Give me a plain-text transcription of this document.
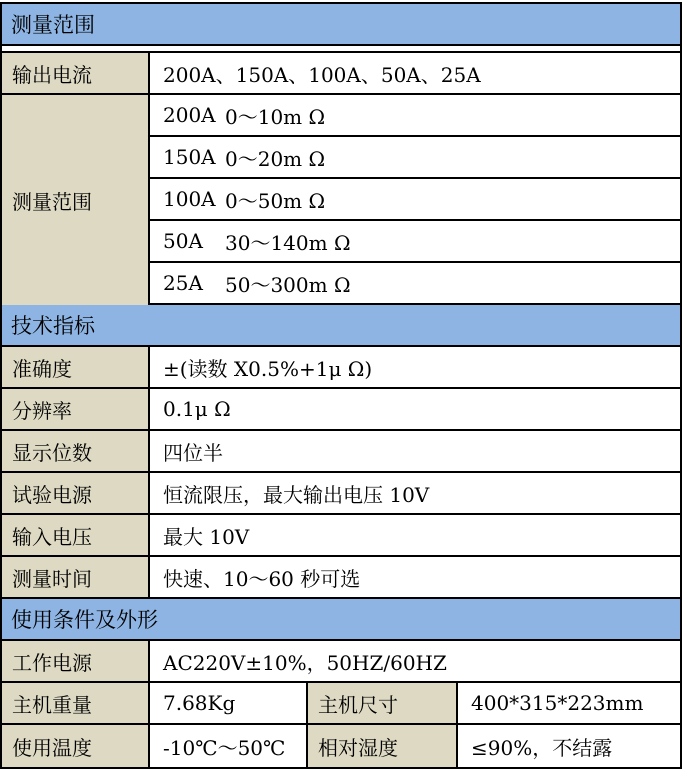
测量范围
输出电流	200A、150A、100A、50A、25A
测量范围
200A 0～10m Ω
150A 0～20m Ω
100A 0～50m Ω
50A	30～140m Ω
25A	50～300m Ω
技术指标
准确度	±(读数 X0.5%+1μ Ω)
分辨率	0.1μ Ω
显示位数	四位半
试验电源	恒流限压，最大输出电压 10V
输入电压	最大 10V
测量时间	快速、10～60 秒可选
使用条件及外形
工作电源	AC220V±10%，50HZ/60HZ
主机重量	7.68Kg	主机尺寸	400*315*223mm
使用温度	-10℃～50℃	相对湿度	≤90%，不结露
